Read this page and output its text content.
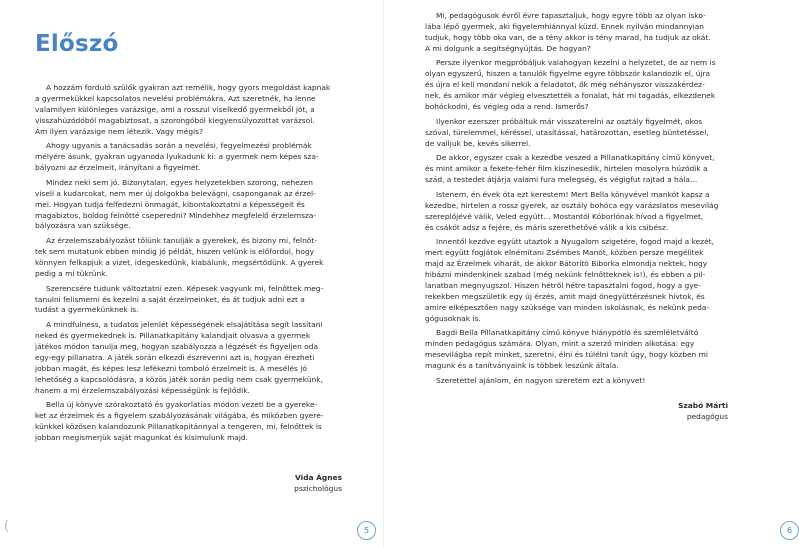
Előszó

A hozzám forduló szülők gyakran azt remélik, hogy gyors megoldást kapnak
a gyermekükkel kapcsolatos nevelési problémákra. Azt szeretnék, ha lenne
valamilyen különleges varázsige, ami a rosszul viselkedő gyermekből jót, a
visszahúzódóból magabiztosat, a szorongóból kiegyensúlyozottat varázsol.
Ám ilyen varázsige nem létezik. Vagy mégis?

Ahogy ugyanis a tanácsadás során a nevelési, fegyelmezési problémák
mélyére ásunk, gyakran ugyanoda lyukadunk ki: a gyermek nem képes sza-
bályozni az érzelmeit, irányítani a figyelmét.

Mindez neki sem jó. Bizonytalan, egyes helyzetekben szorong, nehezen
viseli a kudarcokat, nem mer új dolgokba belevágni, csaponganak az érzel-
mei. Hogyan tudja felfedezni önmagát, kibontakoztatni a képességeit és
magabiztos, boldog felnőtté cseperedni? Mindehhez megfelelő érzelemsza-
bályozásra van szüksége.

Az érzelemszabályozást tőlünk tanulják a gyerekek, és bizony mi, felnőt-
tek sem mutatunk ebben mindig jó példát, hiszen velünk is előfordul, hogy
könnyen felkapjuk a vizet, idegeskedünk, kiabálunk, megsértődünk. A gyerek
pedig a mi tükrünk.

Szerencsére tudunk változtatni ezen. Képesek vagyunk mi, felnőttek meg-
tanulni felismerni és kezelni a saját érzelmeinket, és át tudjuk adni ezt a
tudást a gyermekünknek is.

A mindfulness, a tudatos jelenlét képességének elsajátítása segít lassítani
neked és gyermekednek is. Pillanatkapitány kalandjait olvasva a gyermek
játékos módon tanulja meg, hogyan szabályozza a légzését és figyeljen oda
egy-egy pillanatra. A játék során elkezdi észrevenni azt is, hogyan érezheti
jobban magát, és képes lesz lefékezni tomboló érzelmeit is. A mesélés jó
lehetőség a kapcsolódásra, a közös játék során pedig nem csak gyermekünk,
hanem a mi érzelemszabályozási képességünk is fejlődik.

Bella új könyve szórakoztató és gyakorlatias módon vezeti be a gyereke-
ket az érzelmek és a figyelem szabályozásának világába, és miközben gyere-
künkkel közösen kalandozunk Pillanatkapitánnyal a tengeren, mi, felnőttek is
jobban megismerjük saját magunkat és kisimulunk majd.

Vida Ágnes
pszichológus
(	5	6

Mi, pedagógusok évről évre tapasztaljuk, hogy egyre több az olyan isko-
lába lépő gyermek, aki figyelemhiánnyal küzd. Ennek nyilván mindannyian
tudjuk, hogy több oka van, de a tény akkor is tény marad, ha tudjuk az okát.
A mi dolgunk a segítségnyújtás. De hogyan?

Persze ilyenkor megpróbáljuk valahogyan kezelni a helyzetet, de az nem is
olyan egyszerű, hiszen a tanulók figyelme egyre többször kalandozik el, újra
és újra el kell mondani nekik a feladatot, ők még néhányszor visszakérdez-
nek, és amikor már végleg elvesztették a fonalat, hát mi tagadás, elkezdenek
bohóckodni, és végleg oda a rend. Ismerős?

Ilyenkor ezerszer próbáltuk már visszaterelni az osztály figyelmét, okos
szóval, türelemmel, kéréssel, utasítással, határozottan, esetleg büntetéssel,
de valljuk be, kevés sikerrel.

De akkor, egyszer csak a kezedbe veszed a Pillanatkapitány című könyvet,
és mint amikor a fekete-fehér film kiszínesedik, hirtelen mosolyra húzódik a
szád, a testedet átjárja valami fura melegség, és végigfut rajtad a hála…

Istenem, én évek óta ezt kerestem! Mert Bella könyvével mankót kapsz a
kezedbe, hirtelen a rossz gyerek, az osztály bohóca egy varázslatos mesevilág
szereplőjévé válik, Veled együtt… Mostantól Kóborlónak hívod a figyelmet,
és csákót adsz a fejére, és máris szerethetővé válik a kis csibész.

Innentől kezdve együtt utaztok a Nyugalom szigetére, fogod majd a kezét,
mert együtt fogjátok elnémítani Zsémbes Manót, közben persze megélitek
majd az Érzelmek viharát, de akkor Bátorító Biborka elmondja nektek, hogy
hibázni mindenkinek szabad (még nekünk felnőtteknek is!), és ebben a pil-
lanatban megnyugszol. Hiszen hétről hétre tapasztalni fogod, hogy a gye-
rekekben megszületik egy új érzés, amit majd önegyüttérzésnek hívtok, és
amire elképesztően nagy szüksége van minden iskolásnak, és nekünk peda-
gógusoknak is.

Bagdi Bella Pillanatkapitány című könyve hiánypótló és szemléletváltó
minden pedagógus számára. Olyan, mint a szerző minden alkotása: egy
mesevilágba repít minket, szeretni, élni és túlélni tanít úgy, hogy közben mi
magunk és a tanítványaink is többek leszünk általa.

Szeretettel ajánlom, én nagyon szeretem ezt a könyvet!

Szabó Márti
pedagógus
